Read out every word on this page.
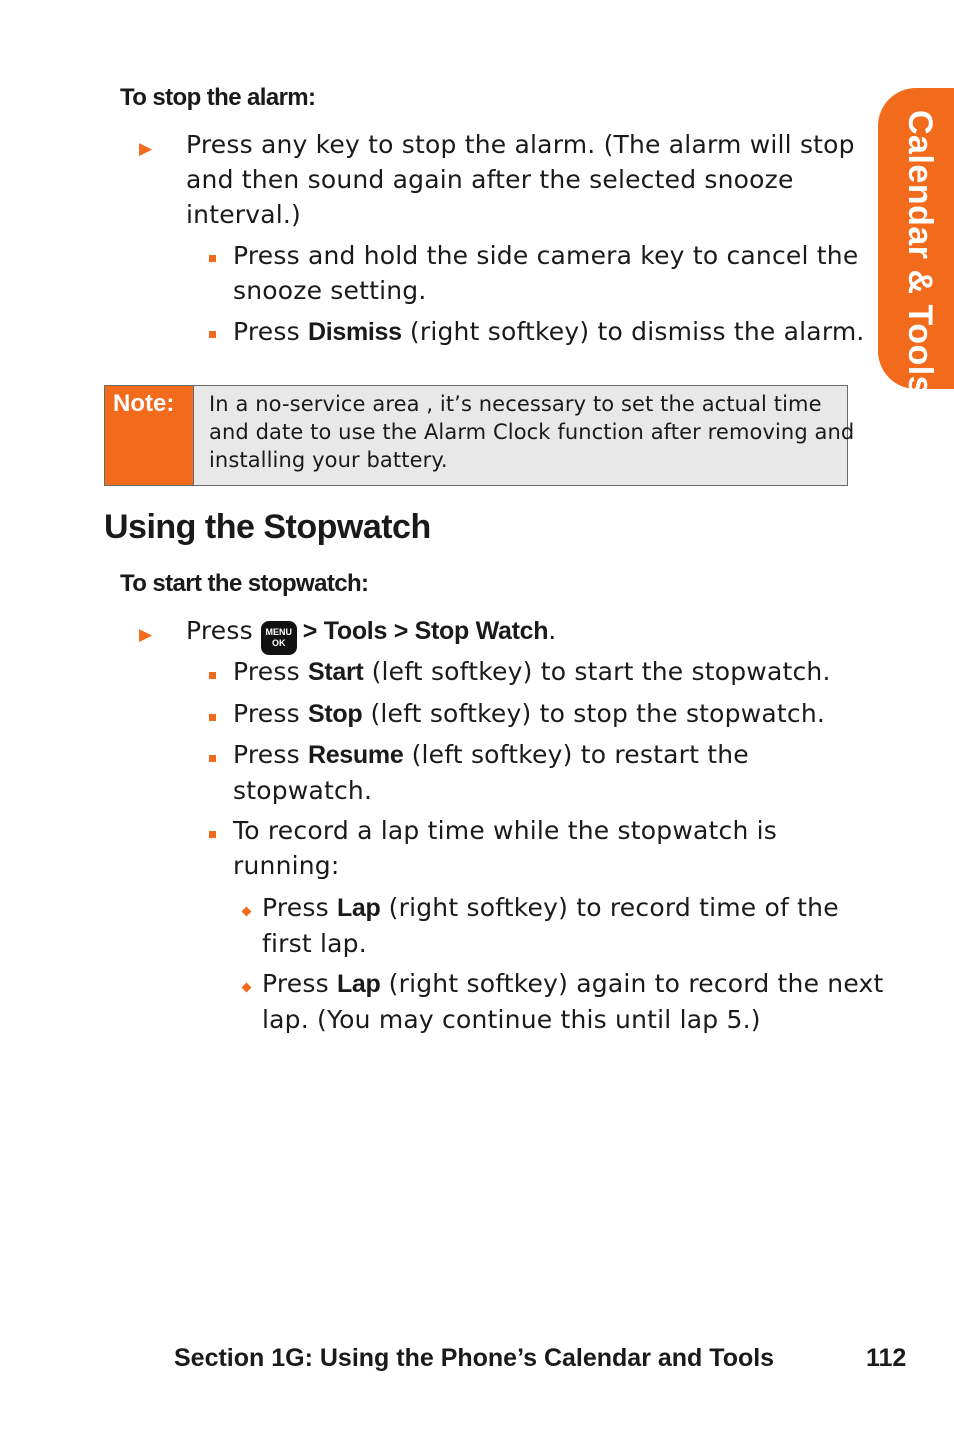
Calendar & Tools
To stop the alarm:
▶ Press any key to stop the alarm. (The alarm will stop
and then sound again after the selected snooze
interval.)
Press and hold the side camera key to cancel the
snooze setting.
Press Dismiss (right softkey) to dismiss the alarm.
Note: In a no-service area , it’s necessary to set the actual time
and date to use the Alarm Clock function after removing and
installing your battery.
Using the Stopwatch
To start the stopwatch:
▶ Press MENU
OK > Tools > Stop Watch.
Press Start (left softkey) to start the stopwatch.
Press Stop (left softkey) to stop the stopwatch.
Press Resume (left softkey) to restart the
stopwatch.
To record a lap time while the stopwatch is
running:
Press Lap (right softkey) to record time of the
first lap.
Press Lap (right softkey) again to record the next
lap. (You may continue this until lap 5.)
Section 1G: Using the Phone’s Calendar and Tools	112
